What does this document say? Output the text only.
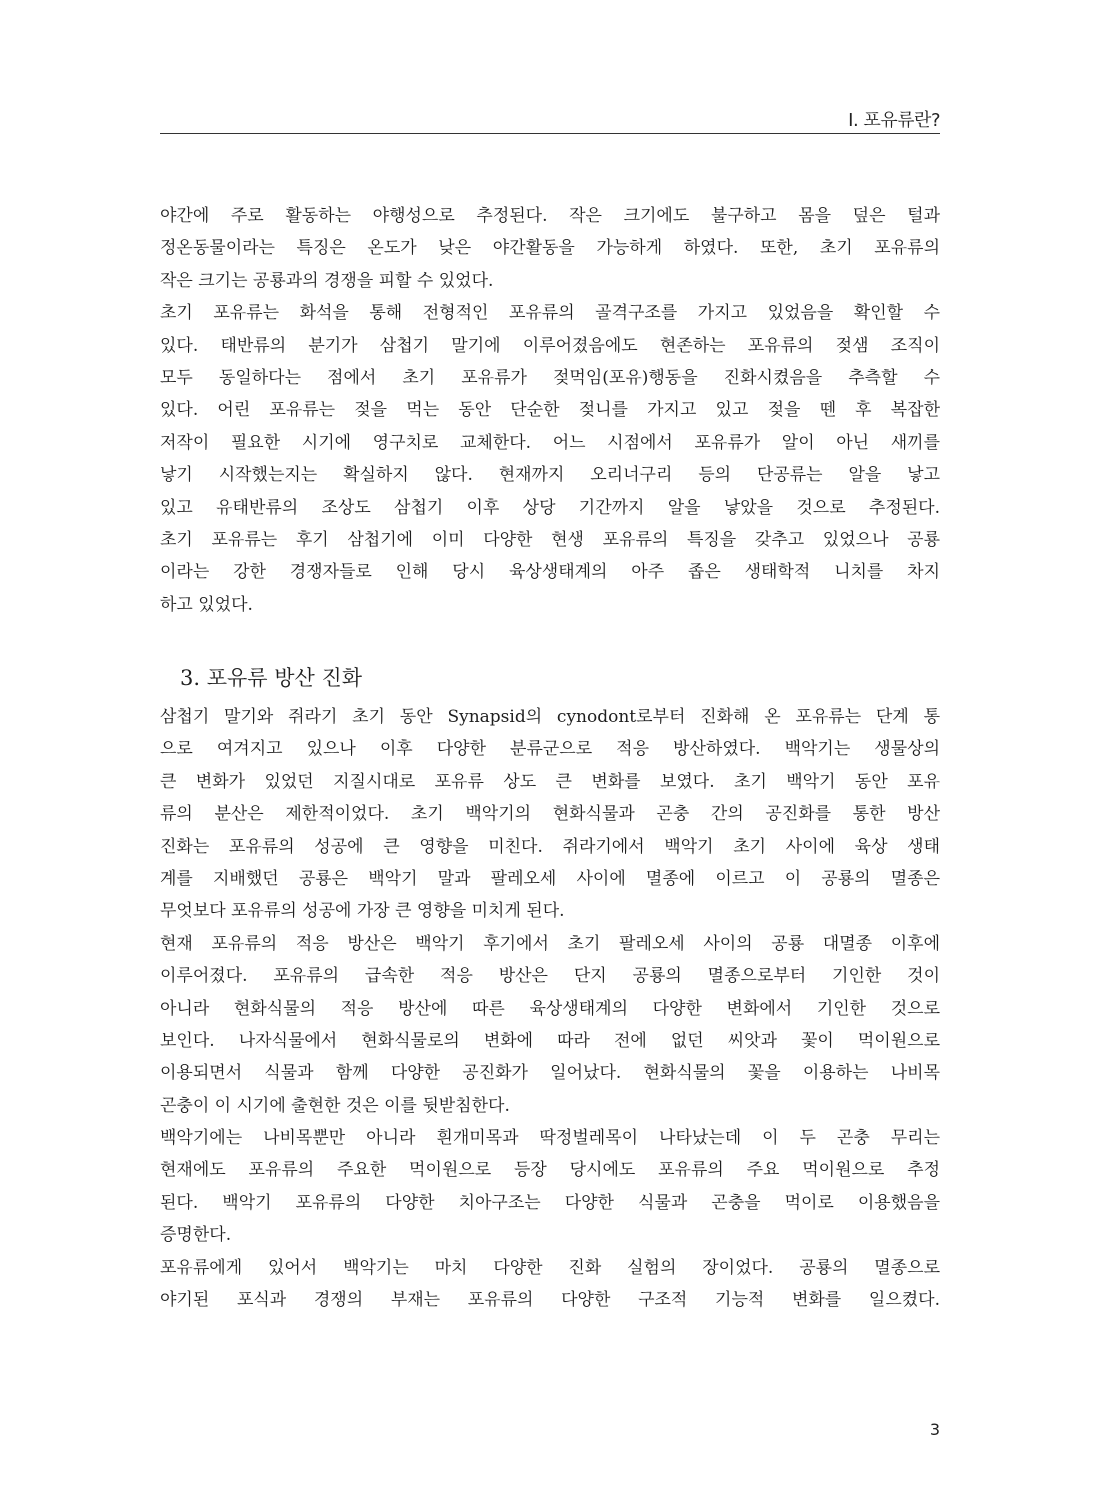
I. 포유류란?
야간에 주로 활동하는 야행성으로 추정된다. 작은 크기에도 불구하고 몸을 덮은 털과
정온동물이라는 특징은 온도가 낮은 야간활동을 가능하게 하였다. 또한, 초기 포유류의
작은 크기는 공룡과의 경쟁을 피할 수 있었다.
초기 포유류는 화석을 통해 전형적인 포유류의 골격구조를 가지고 있었음을 확인할 수
있다. 태반류의 분기가 삼첩기 말기에 이루어졌음에도 현존하는 포유류의 젖샘 조직이
모두 동일하다는 점에서 초기 포유류가 젖먹임(포유)행동을 진화시켰음을 추측할 수
있다. 어린 포유류는 젖을 먹는 동안 단순한 젖니를 가지고 있고 젖을 뗀 후 복잡한
저작이 필요한 시기에 영구치로 교체한다. 어느 시점에서 포유류가 알이 아닌 새끼를
낳기 시작했는지는 확실하지 않다. 현재까지 오리너구리 등의 단공류는 알을 낳고
있고 유태반류의 조상도 삼첩기 이후 상당 기간까지 알을 낳았을 것으로 추정된다.
초기 포유류는 후기 삼첩기에 이미 다양한 현생 포유류의 특징을 갖추고 있었으나 공룡
이라는 강한 경쟁자들로 인해 당시 육상생태계의 아주 좁은 생태학적 니치를 차지
하고 있었다.
3. 포유류 방산 진화
삼첩기 말기와 쥐라기 초기 동안 Synapsid의 cynodont로부터 진화해 온 포유류는 단계 통
으로 여겨지고 있으나 이후 다양한 분류군으로 적응 방산하였다. 백악기는 생물상의
큰 변화가 있었던 지질시대로 포유류 상도 큰 변화를 보였다. 초기 백악기 동안 포유
류의 분산은 제한적이었다. 초기 백악기의 현화식물과 곤충 간의 공진화를 통한 방산
진화는 포유류의 성공에 큰 영향을 미친다. 쥐라기에서 백악기 초기 사이에 육상 생태
계를 지배했던 공룡은 백악기 말과 팔레오세 사이에 멸종에 이르고 이 공룡의 멸종은
무엇보다 포유류의 성공에 가장 큰 영향을 미치게 된다.
현재 포유류의 적응 방산은 백악기 후기에서 초기 팔레오세 사이의 공룡 대멸종 이후에
이루어졌다. 포유류의 급속한 적응 방산은 단지 공룡의 멸종으로부터 기인한 것이
아니라 현화식물의 적응 방산에 따른 육상생태계의 다양한 변화에서 기인한 것으로
보인다. 나자식물에서 현화식물로의 변화에 따라 전에 없던 씨앗과 꽃이 먹이원으로
이용되면서 식물과 함께 다양한 공진화가 일어났다. 현화식물의 꽃을 이용하는 나비목
곤충이 이 시기에 출현한 것은 이를 뒷받침한다.
백악기에는 나비목뿐만 아니라 흰개미목과 딱정벌레목이 나타났는데 이 두 곤충 무리는
현재에도 포유류의 주요한 먹이원으로 등장 당시에도 포유류의 주요 먹이원으로 추정
된다. 백악기 포유류의 다양한 치아구조는 다양한 식물과 곤충을 먹이로 이용했음을
증명한다.
포유류에게 있어서 백악기는 마치 다양한 진화 실험의 장이었다. 공룡의 멸종으로
야기된 포식과 경쟁의 부재는 포유류의 다양한 구조적 기능적 변화를 일으켰다.
3
